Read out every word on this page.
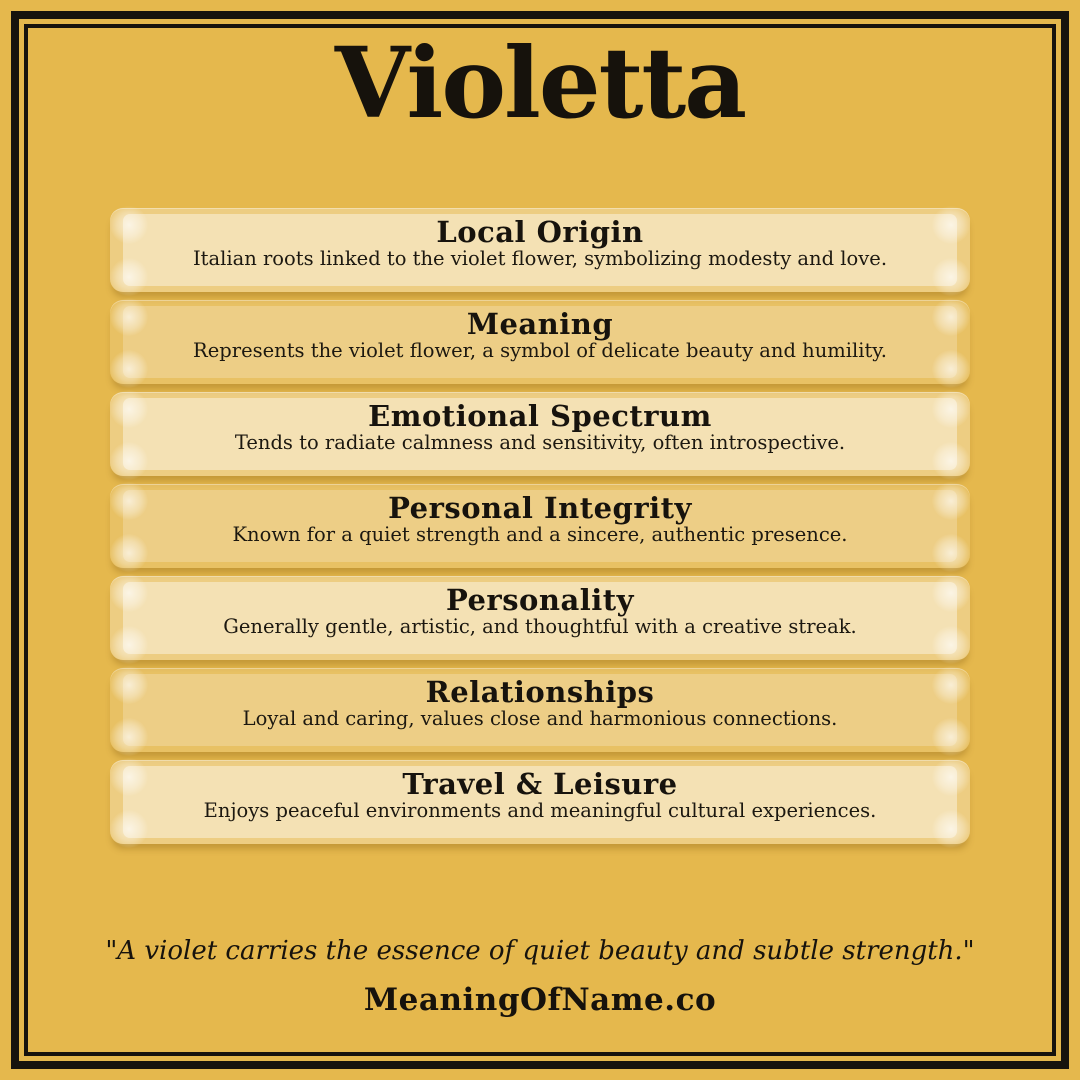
Violetta
Local Origin

Italian roots linked to the violet flower, symbolizing modesty and love.

Meaning

Represents the violet flower, a symbol of delicate beauty and humility.

Emotional Spectrum

Tends to radiate calmness and sensitivity, often introspective.

Personal Integrity

Known for a quiet strength and a sincere, authentic presence.

Personality

Generally gentle, artistic, and thoughtful with a creative streak.

Relationships

Loyal and caring, values close and harmonious connections.

Travel & Leisure

Enjoys peaceful environments and meaningful cultural experiences.

"A violet carries the essence of quiet beauty and subtle strength."
MeaningOfName.co
